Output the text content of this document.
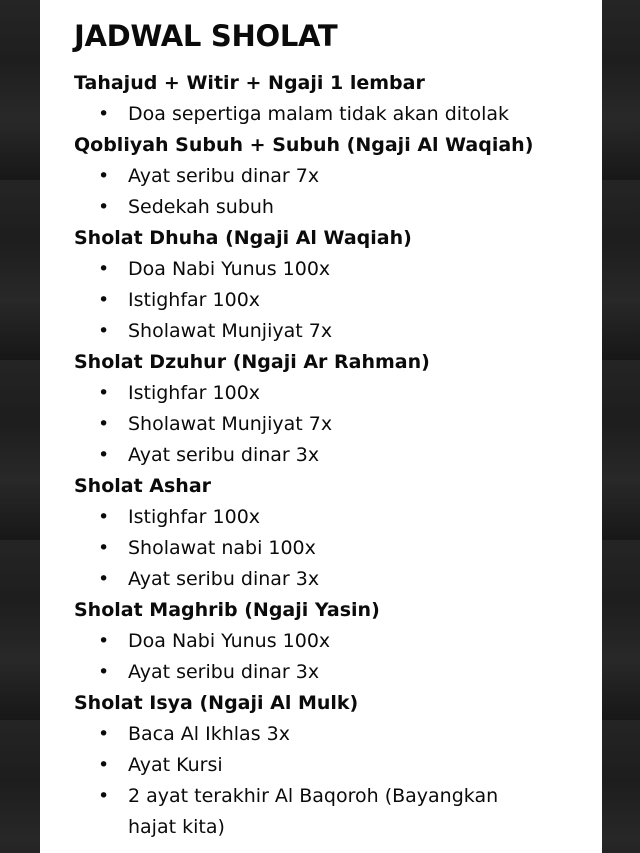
JADWAL SHOLAT
Tahajud + Witir + Ngaji 1 lembar
• Doa sepertiga malam tidak akan ditolak
Qobliyah Subuh + Subuh (Ngaji Al Waqiah)
• Ayat seribu dinar 7x
• Sedekah subuh
Sholat Dhuha (Ngaji Al Waqiah)
• Doa Nabi Yunus 100x
• Istighfar 100x
• Sholawat Munjiyat 7x
Sholat Dzuhur (Ngaji Ar Rahman)
• Istighfar 100x
• Sholawat Munjiyat 7x
• Ayat seribu dinar 3x
Sholat Ashar
• Istighfar 100x
• Sholawat nabi 100x
• Ayat seribu dinar 3x
Sholat Maghrib (Ngaji Yasin)
• Doa Nabi Yunus 100x
• Ayat seribu dinar 3x
Sholat Isya (Ngaji Al Mulk)
• Baca Al Ikhlas 3x
• Ayat Kursi
• 2 ayat terakhir Al Baqoroh (Bayangkan hajat kita)
